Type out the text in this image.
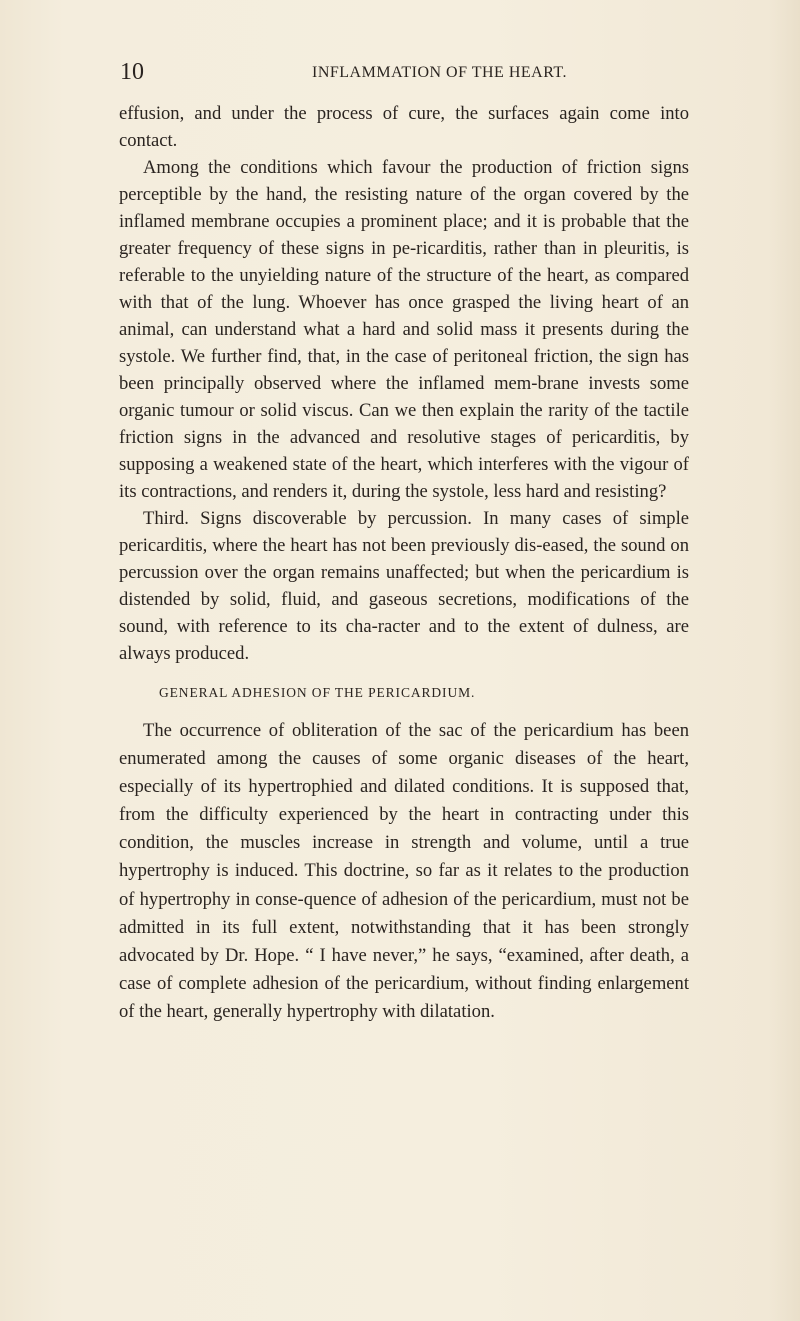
10	INFLAMMATION OF THE HEART.

effusion, and under the process of cure, the surfaces again come into contact.

Among the conditions which favour the production of friction signs perceptible by the hand, the resisting nature of the organ covered by the inflamed membrane occupies a prominent place; and it is probable that the greater frequency of these signs in pe-ricarditis, rather than in pleuritis, is referable to the unyielding nature of the structure of the heart, as compared with that of the lung. Whoever has once grasped the living heart of an animal, can understand what a hard and solid mass it presents during the systole. We further find, that, in the case of peritoneal friction, the sign has been principally observed where the inflamed mem-brane invests some organic tumour or solid viscus. Can we then explain the rarity of the tactile friction signs in the advanced and resolutive stages of pericarditis, by supposing a weakened state of the heart, which interferes with the vigour of its contractions, and renders it, during the systole, less hard and resisting?

Third. Signs discoverable by percussion. In many cases of simple pericarditis, where the heart has not been previously dis-eased, the sound on percussion over the organ remains unaffected; but when the pericardium is distended by solid, fluid, and gaseous secretions, modifications of the sound, with reference to its cha-racter and to the extent of dulness, are always produced.

GENERAL ADHESION OF THE PERICARDIUM.

The occurrence of obliteration of the sac of the pericardium has been enumerated among the causes of some organic diseases of the heart, especially of its hypertrophied and dilated conditions. It is supposed that, from the difficulty experienced by the heart in contracting under this condition, the muscles increase in strength and volume, until a true hypertrophy is induced. This doctrine, so far as it relates to the production of hypertrophy in conse-quence of adhesion of the pericardium, must not be admitted in its full extent, notwithstanding that it has been strongly advocated by Dr. Hope. “ I have never,” he says, “examined, after death, a case of complete adhesion of the pericardium, without finding enlargement of the heart, generally hypertrophy with dilatation.
